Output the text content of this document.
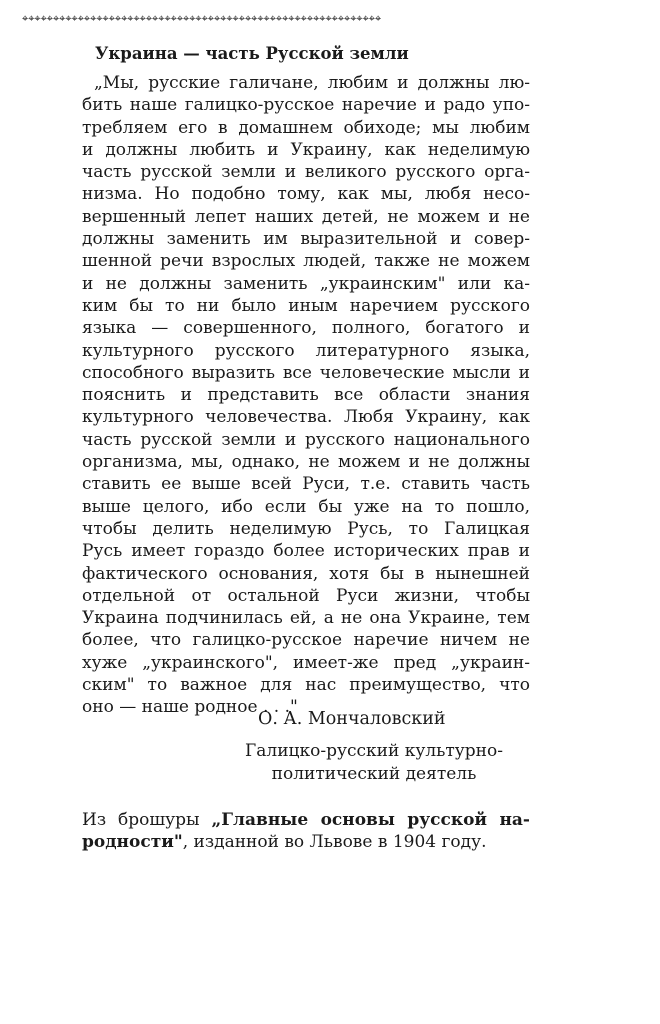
⌖⌖⌖⌖⌖⌖⌖⌖⌖⌖⌖⌖⌖⌖⌖⌖⌖⌖⌖⌖⌖⌖⌖⌖⌖⌖⌖⌖⌖⌖⌖⌖⌖⌖⌖⌖⌖⌖⌖⌖⌖⌖⌖⌖⌖⌖⌖⌖⌖⌖⌖⌖⌖⌖⌖⌖⌖⌖
Украина — часть Русской земли
„Мы, русские галичане, любим и должны лю-
бить наше галицко-русское наречие и радо упо-
требляем его в домашнем обиходе; мы любим
и должны любить и Украину, как неделимую
часть русской земли и великого русского орга-
низма. Но подобно тому, как мы, любя несо-
вершенный лепет наших детей, не можем и не
должны заменить им выразительной и совер-
шенной речи взрослых людей, также не можем
и не должны заменить „украинским" или ка-
ким бы то ни было иным наречием русского
языка — совершенного, полного, богатого и
культурного русского литературного языка,
способного выразить все человеческие мысли и
пояснить и представить все области знания
культурного человечества. Любя Украину, как
часть русской земли и русского национального
организма, мы, однако, не можем и не должны
ставить ее выше всей Руси, т.е. ставить часть
выше целого, ибо если бы уже на то пошло,
чтобы делить неделимую Русь, то Галицкая
Русь имеет гораздо более исторических прав и
фактического основания, хотя бы в нынешней
отдельной от остальной Руси жизни, чтобы
Украина подчинилась ей, а не она Украине, тем
более, что галицко-русское наречие ничем не
хуже „украинского", имеет-же пред „украин-
ским" то важное для нас преимущество, что
оно — наше родное . . ."
О. А. Мончаловский
Галицко-русский культурно-
политический деятель
Из брошуры „Главные основы русской на-
родности", изданной во Львове в 1904 году.
